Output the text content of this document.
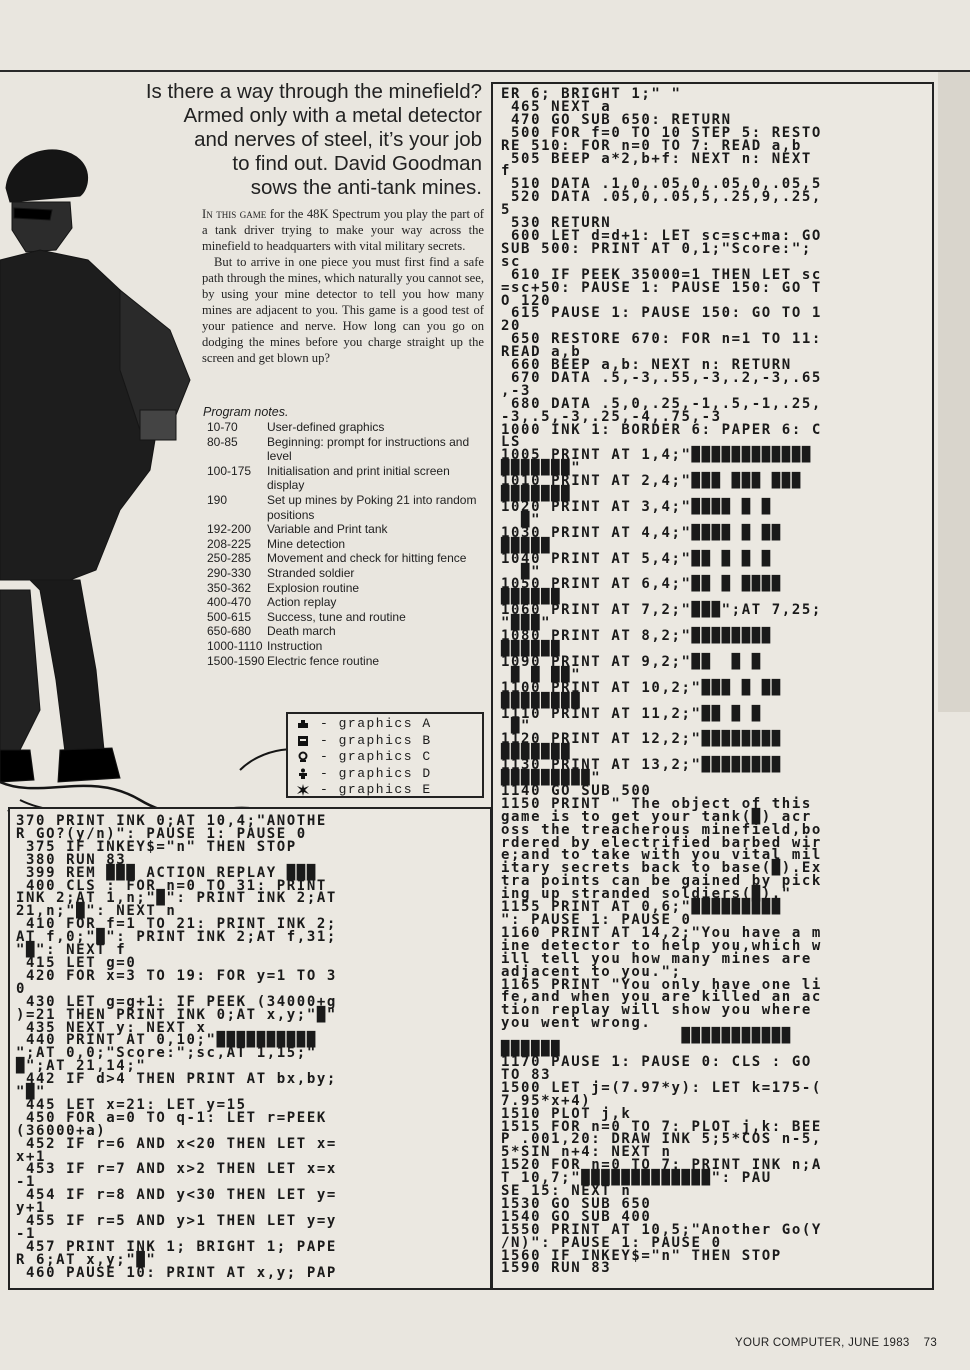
Is there a way through the minefield?
Armed only with a metal detector
and nerves of steel, it’s your job
to find out. David Goodman
sows the anti-tank mines.

In this game for the 48K Spectrum you play the part of a tank driver trying to make your way across the minefield to headquarters with vital military secrets.

But to arrive in one piece you must first find a safe path through the mines, which naturally you cannot see, by using your mine detector to tell you how many mines are adjacent to you. This game is a good test of your patience and nerve. How long can you go on dodging the mines before you charge straight up the screen and get blown up?

Program notes.
10-70	User-defined graphics
80-85	Beginning: prompt for instructions and level
100-175	Initialisation and print initial screen display
190	Set up mines by Poking 21 into random positions
192-200	Variable and Print tank
208-225	Mine detection
250-285	Movement and check for hitting fence
290-330	Stranded soldier
350-362	Explosion routine
400-470	Action replay
500-615	Success, tune and routine
650-680	Death march
1000-1110 Instruction
1500-1590 Electric fence routine
- graphics A
- graphics B
- graphics C
- graphics D
- graphics E
370 PRINT INK 0;AT 10,4;"ANOTHE
R GO?(y/n)": PAUSE 1: PAUSE 0
375 IF INKEY$="n" THEN STOP
380 RUN 83
399 REM ███ ACTION REPLAY ███
400 CLS : FOR n=0 TO 31: PRINT
INK 2;AT 1,n;"█": PRINT INK 2;AT
21,n;"█": NEXT n
410 FOR f=1 TO 21: PRINT INK 2;
AT f,0;"█": PRINT INK 2;AT f,31;
"█": NEXT f
415 LET g=0
420 FOR x=3 TO 19: FOR y=1 TO 3
0
430 LET g=g+1: IF PEEK (34000+g
)=21 THEN PRINT INK 0;AT x,y;"█"
435 NEXT y: NEXT x
440 PRINT AT 0,10;"██████████
";AT 0,0;"Score:";sc,AT 1,15;"
█";AT 21,14;"
442 IF d>4 THEN PRINT AT bx,by;
"█"
445 LET x=21: LET y=15
450 FOR a=0 TO q-1: LET r=PEEK
(36000+a)
452 IF r=6 AND x<20 THEN LET x=
x+1
453 IF r=7 AND x>2 THEN LET x=x
-1
454 IF r=8 AND y<30 THEN LET y=
y+1
455 IF r=5 AND y>1 THEN LET y=y
-1
457 PRINT INK 1; BRIGHT 1; PAPE
R 6;AT x,y;"█"
460 PAUSE 10: PRINT AT x,y; PAP
ER 6; BRIGHT 1;" "
465 NEXT a
470 GO SUB 650: RETURN
500 FOR f=0 TO 10 STEP 5: RESTO
RE 510: FOR n=0 TO 7: READ a,b
505 BEEP a*2,b+f: NEXT n: NEXT
f
510 DATA .1,0,.05,0,.05,0,.05,5
520 DATA .05,0,.05,5,.25,9,.25,
5
530 RETURN
600 LET d=d+1: LET sc=sc+ma: GO
SUB 500: PRINT AT 0,1;"Score:";
sc
610 IF PEEK 35000=1 THEN LET sc
=sc+50: PAUSE 1: PAUSE 150: GO T
O 120
615 PAUSE 1: PAUSE 150: GO TO 1
20
650 RESTORE 670: FOR n=1 TO 11:
READ a,b
660 BEEP a,b: NEXT n: RETURN
670 DATA .5,-3,.55,-3,.2,-3,.65
,-3
680 DATA .5,0,.25,-1,.5,-1,.25,
-3,.5,-3,.25,-4,.75,-3
1000 INK 1: BORDER 6: PAPER 6: C
LS
1005 PRINT AT 1,4;"████████████
███████"
1010 PRINT AT 2,4;"███ ███ ███
███████
1020 PRINT AT 3,4;"████ █ █
█"
1030 PRINT AT 4,4;"████ █ ██
█████
1040 PRINT AT 5,4;"██ █ █ █
█"
1050 PRINT AT 6,4;"██ █ ████
██████
1060 PRINT AT 7,2;"███";AT 7,25;
"███"
1080 PRINT AT 8,2;"████████
██████
1090 PRINT AT 9,2;"██  █ █
█ █ ██"
1100 PRINT AT 10,2;"███ █ ██
████████
1110 PRINT AT 11,2;"██ █ █
█"
1120 PRINT AT 12,2;"████████
███████
1130 PRINT AT 13,2;"████████
█████████"
1140 GO SUB 500
1150 PRINT " The object of this
game is to get your tank(█) acr
oss the treacherous minefield,bo
rdered by electrified barbed wir
e;and to take with you vital mil
itary secrets back to base(█).Ex
tra points can be gained by pick
ing up stranded soldiers(█)."
1155 PRINT AT 0,6;"█████████
": PAUSE 1: PAUSE 0
1160 PRINT AT 14,2;"You have a m
ine detector to help you,which w
ill tell you how many mines are
adjacent to you.";
1165 PRINT "You only have one li
fe,and when you are killed an ac
tion replay will show you where
you went wrong.
███████████
██████
1170 PAUSE 1: PAUSE 0: CLS : GO
TO 83
1500 LET j=(7.97*y): LET k=175-(
7.95*x+4)
1510 PLOT j,k
1515 FOR n=0 TO 7: PLOT j,k: BEE
P .001,20: DRAW INK 5;5*COS n-5,
5*SIN n+4: NEXT n
1520 FOR n=0 TO 7: PRINT INK n;A
T 10,7;"█████████████": PAU
SE 15: NEXT n
1530 GO SUB 650
1540 GO SUB 400
1550 PRINT AT 10,5;"Another Go(Y
/N)": PAUSE 1: PAUSE 0
1560 IF INKEY$="n" THEN STOP
1590 RUN 83
YOUR COMPUTER, JUNE 1983 73
